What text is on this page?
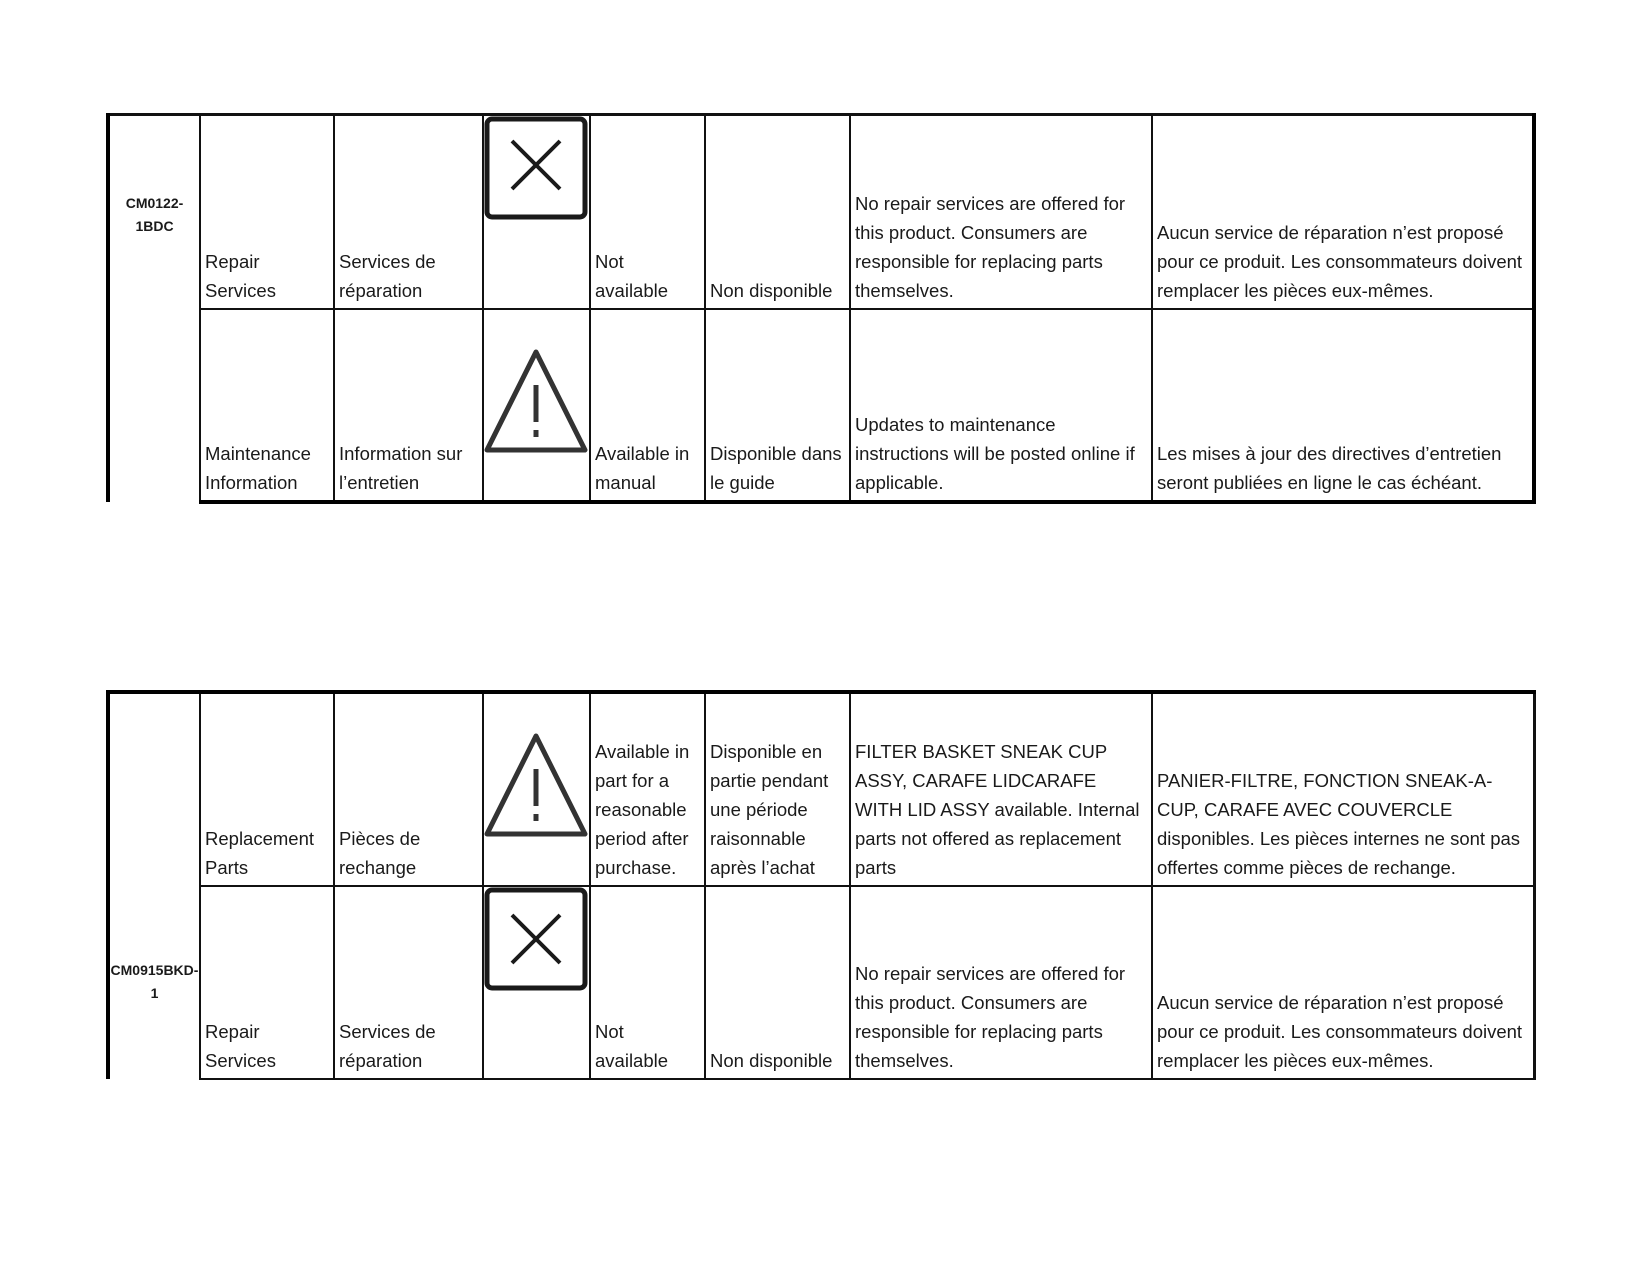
CM0122-1BDC	Repair Services	Services de réparation		Not available	Non disponible	No repair services are offered for this product. Consumers are responsible for replacing parts themselves.	Aucun service de réparation n’est proposé pour ce produit. Les consommateurs doivent remplacer les pièces eux-mêmes.
	Maintenance Information	Information sur l’entretien		Available in manual	Disponible dans le guide	Updates to maintenance instructions will be posted online if applicable.	Les mises à jour des directives d’entretien seront publiées en ligne le cas échéant.
CM0915BKD-1	Replacement Parts	Pièces de rechange		Available in part for a reasonable period after purchase.	Disponible en partie pendant une période raisonnable après l’achat	FILTER BASKET SNEAK CUP ASSY, CARAFE LIDCARAFE WITH LID ASSY available. Internal parts not offered as replacement parts	PANIER-FILTRE, FONCTION SNEAK-A-CUP, CARAFE AVEC COUVERCLE disponibles. Les pièces internes ne sont pas offertes comme pièces de rechange.
	Repair Services	Services de réparation		Not available	Non disponible	No repair services are offered for this product. Consumers are responsible for replacing parts themselves.	Aucun service de réparation n’est proposé pour ce produit. Les consommateurs doivent remplacer les pièces eux-mêmes.
